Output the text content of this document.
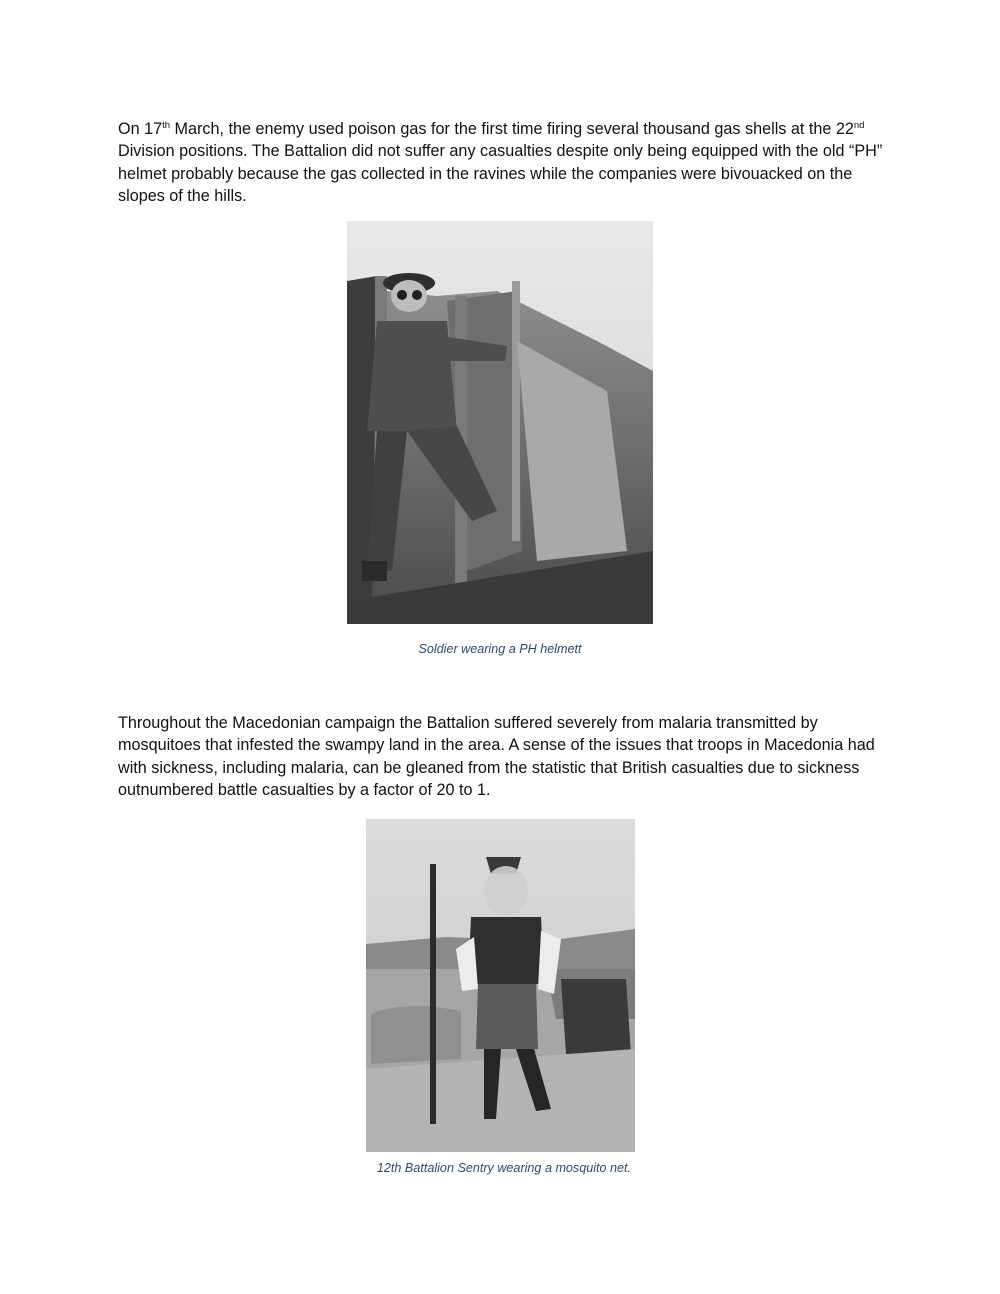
On 17th March, the enemy used poison gas for the first time firing several thousand gas shells at the 22nd Division positions. The Battalion did not suffer any casualties despite only being equipped with the old “PH” helmet probably because the gas collected in the ravines while the companies were bivouacked on the slopes of the hills.

Soldier wearing a PH helmett

Throughout the Macedonian campaign the Battalion suffered severely from malaria transmitted by mosquitoes that infested the swampy land in the area. A sense of the issues that troops in Macedonia had with sickness, including malaria, can be gleaned from the statistic that British casualties due to sickness outnumbered battle casualties by a factor of 20 to 1.

12th Battalion Sentry wearing a mosquito net.
